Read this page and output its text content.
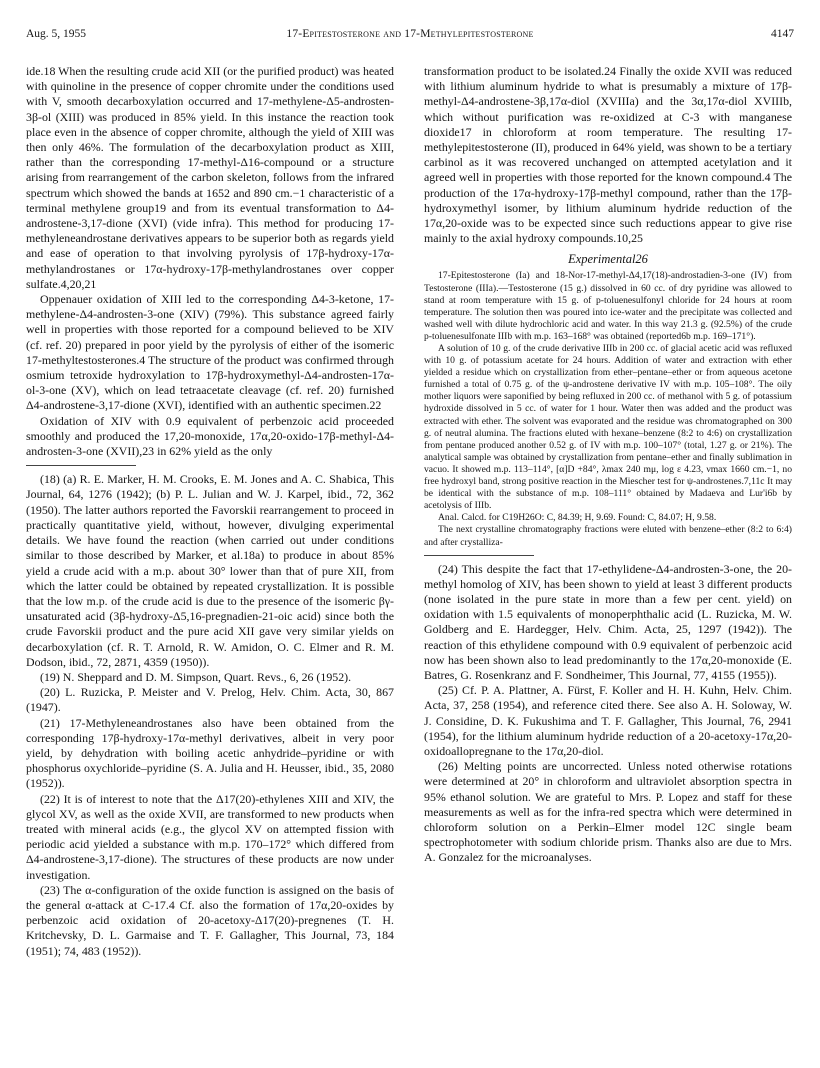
Aug. 5, 1955	17-Epitestosterone and 17-Methylepitestosterone	4147

ide.18 When the resulting crude acid XII (or the purified product) was heated with quinoline in the presence of copper chromite under the conditions used with V, smooth decarboxylation occurred and 17-methylene-Δ5-androsten-3β-ol (XIII) was produced in 85% yield. In this instance the reaction took place even in the absence of copper chromite, although the yield of XIII was then only 46%. The formulation of the decarboxylation product as XIII, rather than the corresponding 17-methyl-Δ16-compound or a structure arising from rearrangement of the carbon skeleton, follows from the infrared spectrum which showed the bands at 1652 and 890 cm.−1 characteristic of a terminal methylene group19 and from its eventual transformation to Δ4-androstene-3,17-dione (XVI) (vide infra). This method for producing 17-methyleneandrostane derivatives appears to be superior both as regards yield and ease of operation to that involving pyrolysis of 17β-hydroxy-17α-methylandrostanes or 17α-hydroxy-17β-methylandrostanes over copper sulfate.4,20,21

Oppenauer oxidation of XIII led to the corresponding Δ4-3-ketone, 17-methylene-Δ4-androsten-3-one (XIV) (79%). This substance agreed fairly well in properties with those reported for a compound believed to be XIV (cf. ref. 20) prepared in poor yield by the pyrolysis of either of the isomeric 17-methyltestosterones.4 The structure of the product was confirmed through osmium tetroxide hydroxylation to 17β-hydroxymethyl-Δ4-androsten-17α-ol-3-one (XV), which on lead tetraacetate cleavage (cf. ref. 20) furnished Δ4-androstene-3,17-dione (XVI), identified with an authentic specimen.22

Oxidation of XIV with 0.9 equivalent of perbenzoic acid proceeded smoothly and produced the 17,20-monoxide, 17α,20-oxido-17β-methyl-Δ4-androsten-3-one (XVII),23 in 62% yield as the only

(18) (a) R. E. Marker, H. M. Crooks, E. M. Jones and A. C. Shabica, This Journal, 64, 1276 (1942); (b) P. L. Julian and W. J. Karpel, ibid., 72, 362 (1950). The latter authors reported the Favorskii rearrangement to proceed in practically quantitative yield, without, however, divulging experimental details. We have found the reaction (when carried out under conditions similar to those described by Marker, et al.18a) to produce in about 85% yield a crude acid with a m.p. about 30° lower than that of pure XII, from which the latter could be obtained by repeated crystallization. It is possible that the low m.p. of the crude acid is due to the presence of the isomeric βγ-unsaturated acid (3β-hydroxy-Δ5,16-pregnadien-21-oic acid) since both the crude Favorskii product and the pure acid XII gave very similar yields on decarboxylation (cf. R. T. Arnold, R. W. Amidon, O. C. Elmer and R. M. Dodson, ibid., 72, 2871, 4359 (1950)).

(19) N. Sheppard and D. M. Simpson, Quart. Revs., 6, 26 (1952).

(20) L. Ruzicka, P. Meister and V. Prelog, Helv. Chim. Acta, 30, 867 (1947).

(21) 17-Methyleneandrostanes also have been obtained from the corresponding 17β-hydroxy-17α-methyl derivatives, albeit in very poor yield, by dehydration with boiling acetic anhydride–pyridine or with phosphorus oxychloride–pyridine (S. A. Julia and H. Heusser, ibid., 35, 2080 (1952)).

(22) It is of interest to note that the Δ17(20)-ethylenes XIII and XIV, the glycol XV, as well as the oxide XVII, are transformed to new products when treated with mineral acids (e.g., the glycol XV on attempted fission with periodic acid yielded a substance with m.p. 170–172° which differed from Δ4-androstene-3,17-dione). The structures of these products are now under investigation.

(23) The α-configuration of the oxide function is assigned on the basis of the general α-attack at C-17.4 Cf. also the formation of 17α,20-oxides by perbenzoic acid oxidation of 20-acetoxy-Δ17(20)-pregnenes (T. H. Kritchevsky, D. L. Garmaise and T. F. Gallagher, This Journal, 73, 184 (1951); 74, 483 (1952)).

transformation product to be isolated.24 Finally the oxide XVII was reduced with lithium aluminum hydride to what is presumably a mixture of 17β-methyl-Δ4-androstene-3β,17α-diol (XVIIIa) and the 3α,17α-diol XVIIIb, which without purification was re-oxidized at C-3 with manganese dioxide17 in chloroform at room temperature. The resulting 17-methylepitestosterone (II), produced in 64% yield, was shown to be a tertiary carbinol as it was recovered unchanged on attempted acetylation and it agreed well in properties with those reported for the known compound.4 The production of the 17α-hydroxy-17β-methyl compound, rather than the 17β-hydroxymethyl isomer, by lithium aluminum hydride reduction of the 17α,20-oxide was to be expected since such reductions appear to give rise mainly to the axial hydroxy compounds.10,25

Experimental26

17-Epitestosterone (Ia) and 18-Nor-17-methyl-Δ4,17(18)-androstadien-3-one (IV) from Testosterone (IIIa).—Testosterone (15 g.) dissolved in 60 cc. of dry pyridine was allowed to stand at room temperature with 15 g. of p-toluenesulfonyl chloride for 24 hours at room temperature. The solution then was poured into ice-water and the precipitate was collected and washed well with dilute hydrochloric acid and water. In this way 21.3 g. (92.5%) of the crude p-toluenesulfonate IIIb with m.p. 163–168° was obtained (reported6b m.p. 169–171°).

A solution of 10 g. of the crude derivative IIIb in 200 cc. of glacial acetic acid was refluxed with 10 g. of potassium acetate for 24 hours. Addition of water and extraction with ether yielded a residue which on crystallization from ether–pentane–ether or from aqueous acetone furnished a total of 0.75 g. of the ψ-androstene derivative IV with m.p. 105–108°. The oily mother liquors were saponified by being refluxed in 200 cc. of methanol with 5 g. of potassium hydroxide dissolved in 5 cc. of water for 1 hour. Water then was added and the product was extracted with ether. The solvent was evaporated and the residue was chromatographed on 300 g. of neutral alumina. The fractions eluted with hexane–benzene (8:2 to 4:6) on crystallization from pentane produced another 0.52 g. of IV with m.p. 100–107° (total, 1.27 g. or 21%). The analytical sample was obtained by crystallization from pentane–ether and finally sublimation in vacuo. It showed m.p. 113–114°, [α]D +84°, λmax 240 mμ, log ε 4.23, νmax 1660 cm.−1, no free hydroxyl band, strong positive reaction in the Miescher test for ψ-androstenes.7,11c It may be identical with the substance of m.p. 108–111° obtained by Madaeva and Lur'i6b by acetolysis of IIIb.

Anal. Calcd. for C19H26O: C, 84.39; H, 9.69. Found: C, 84.07; H, 9.58.

The next crystalline chromatography fractions were eluted with benzene–ether (8:2 to 6:4) and after crystalliza-

(24) This despite the fact that 17-ethylidene-Δ4-androsten-3-one, the 20-methyl homolog of XIV, has been shown to yield at least 3 different products (none isolated in the pure state in more than a few per cent. yield) on oxidation with 1.5 equivalents of monoperphthalic acid (L. Ruzicka, M. W. Goldberg and E. Hardegger, Helv. Chim. Acta, 25, 1297 (1942)). The reaction of this ethylidene compound with 0.9 equivalent of perbenzoic acid now has been shown also to lead predominantly to the 17α,20-monoxide (E. Batres, G. Rosenkranz and F. Sondheimer, This Journal, 77, 4155 (1955)).

(25) Cf. P. A. Plattner, A. Fürst, F. Koller and H. H. Kuhn, Helv. Chim. Acta, 37, 258 (1954), and reference cited there. See also A. H. Soloway, W. J. Considine, D. K. Fukushima and T. F. Gallagher, This Journal, 76, 2941 (1954), for the lithium aluminum hydride reduction of a 20-acetoxy-17α,20-oxidoallopregnane to the 17α,20-diol.

(26) Melting points are uncorrected. Unless noted otherwise rotations were determined at 20° in chloroform and ultraviolet absorption spectra in 95% ethanol solution. We are grateful to Mrs. P. Lopez and staff for these measurements as well as for the infra-red spectra which were determined in chloroform solution on a Perkin–Elmer model 12C single beam spectrophotometer with sodium chloride prism. Thanks also are due to Mrs. A. Gonzalez for the microanalyses.
